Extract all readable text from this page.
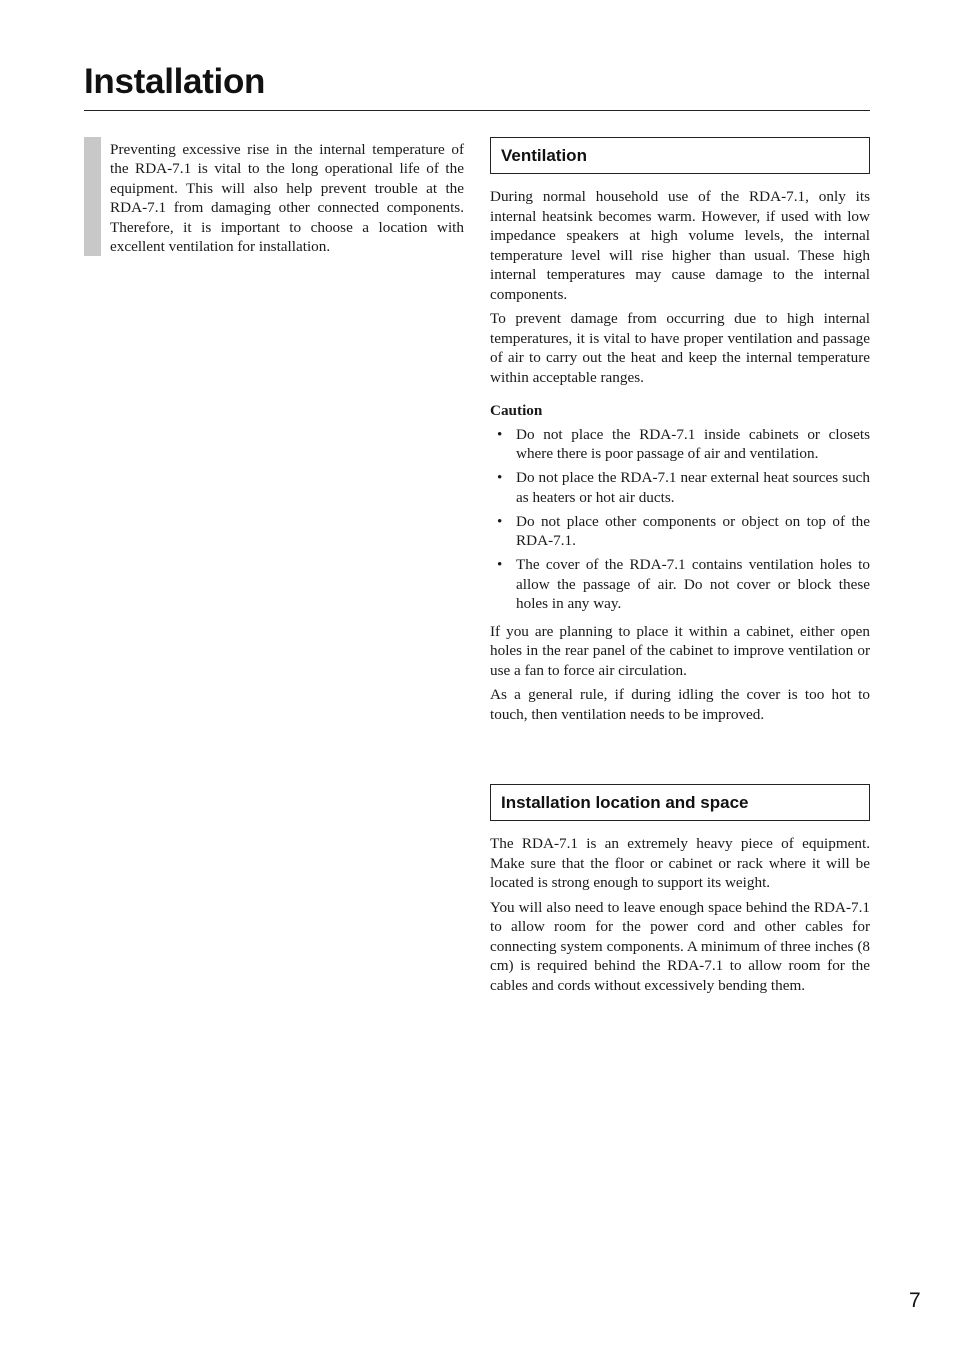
Installation

Preventing excessive rise in the internal temperature of the RDA-7.1 is vital to the long operational life of the equipment. This will also help prevent trouble at the RDA-7.1 from damaging other connected components. Therefore, it is important to choose a location with excellent ventilation for installation.

Ventilation

During normal household use of the RDA-7.1, only its internal heatsink becomes warm. However, if used with low impedance speakers at high volume levels, the internal temperature level will rise higher than usual. These high internal temperatures may cause damage to the internal components.

To prevent damage from occurring due to high internal temperatures, it is vital to have proper ventilation and passage of air to carry out the heat and keep the internal temperature within acceptable ranges.

Caution
• Do not place the RDA-7.1 inside cabinets or closets where there is poor passage of air and ventilation.
• Do not place the RDA-7.1 near external heat sources such as heaters or hot air ducts.
• Do not place other components or object on top of the RDA-7.1.
• The cover of the RDA-7.1 contains ventilation holes to allow the passage of air. Do not cover or block these holes in any way.

If you are planning to place it within a cabinet, either open holes in the rear panel of the cabinet to improve ventilation or use a fan to force air circulation.

As a general rule, if during idling the cover is too hot to touch, then ventilation needs to be improved.

Installation location and space

The RDA-7.1 is an extremely heavy piece of equipment. Make sure that the floor or cabinet or rack where it will be located is strong enough to support its weight.

You will also need to leave enough space behind the RDA-7.1 to allow room for the power cord and other cables for connecting system components. A minimum of three inches (8 cm) is required behind the RDA-7.1 to allow room for the cables and cords without excessively bending them.

7
